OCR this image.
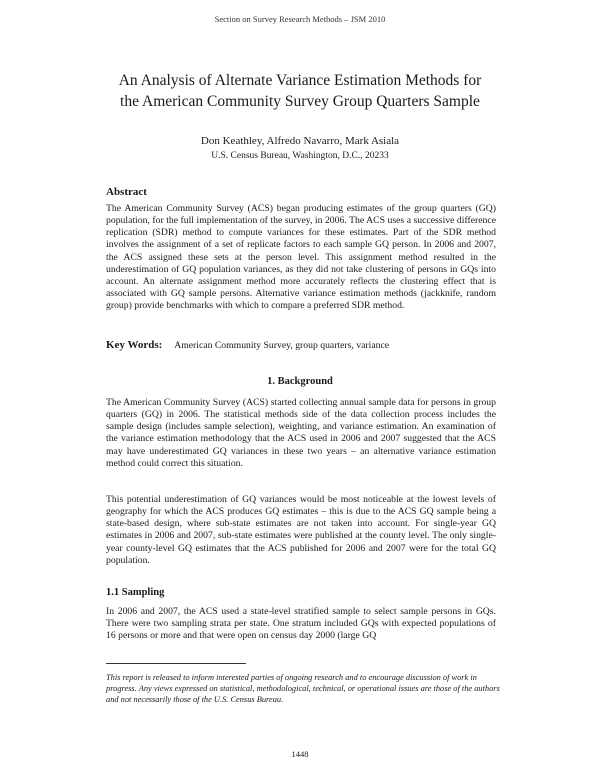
Section on Survey Research Methods – JSM 2010
An Analysis of Alternate Variance Estimation Methods for
the American Community Survey Group Quarters Sample
Don Keathley, Alfredo Navarro, Mark Asiala
U.S. Census Bureau, Washington, D.C., 20233
Abstract

The American Community Survey (ACS) began producing estimates of the group quarters (GQ) population, for the full implementation of the survey, in 2006. The ACS uses a successive difference replication (SDR) method to compute variances for these estimates. Part of the SDR method involves the assignment of a set of replicate factors to each sample GQ person. In 2006 and 2007, the ACS assigned these sets at the person level. This assignment method resulted in the underestimation of GQ population variances, as they did not take clustering of persons in GQs into account. An alternate assignment method more accurately reflects the clustering effect that is associated with GQ sample persons. Alternative variance estimation methods (jackknife, random group) provide benchmarks with which to compare a preferred SDR method.

Key Words: American Community Survey, group quarters, variance
1. Background

The American Community Survey (ACS) started collecting annual sample data for persons in group quarters (GQ) in 2006. The statistical methods side of the data collection process includes the sample design (includes sample selection), weighting, and variance estimation. An examination of the variance estimation methodology that the ACS used in 2006 and 2007 suggested that the ACS may have underestimated GQ variances in these two years – an alternative variance estimation method could correct this situation.

This potential underestimation of GQ variances would be most noticeable at the lowest levels of geography for which the ACS produces GQ estimates – this is due to the ACS GQ sample being a state-based design, where sub-state estimates are not taken into account. For single-year GQ estimates in 2006 and 2007, sub-state estimates were published at the county level. The only single-year county-level GQ estimates that the ACS published for 2006 and 2007 were for the total GQ population.

1.1 Sampling

In 2006 and 2007, the ACS used a state-level stratified sample to select sample persons in GQs. There were two sampling strata per state. One stratum included GQs with expected populations of 16 persons or more and that were open on census day 2000 (large GQ

This report is released to inform interested parties of ongoing research and to encourage discussion of work in progress. Any views expressed on statistical, methodological, technical, or operational issues are those of the authors and not necessarily those of the U.S. Census Bureau.
1448
